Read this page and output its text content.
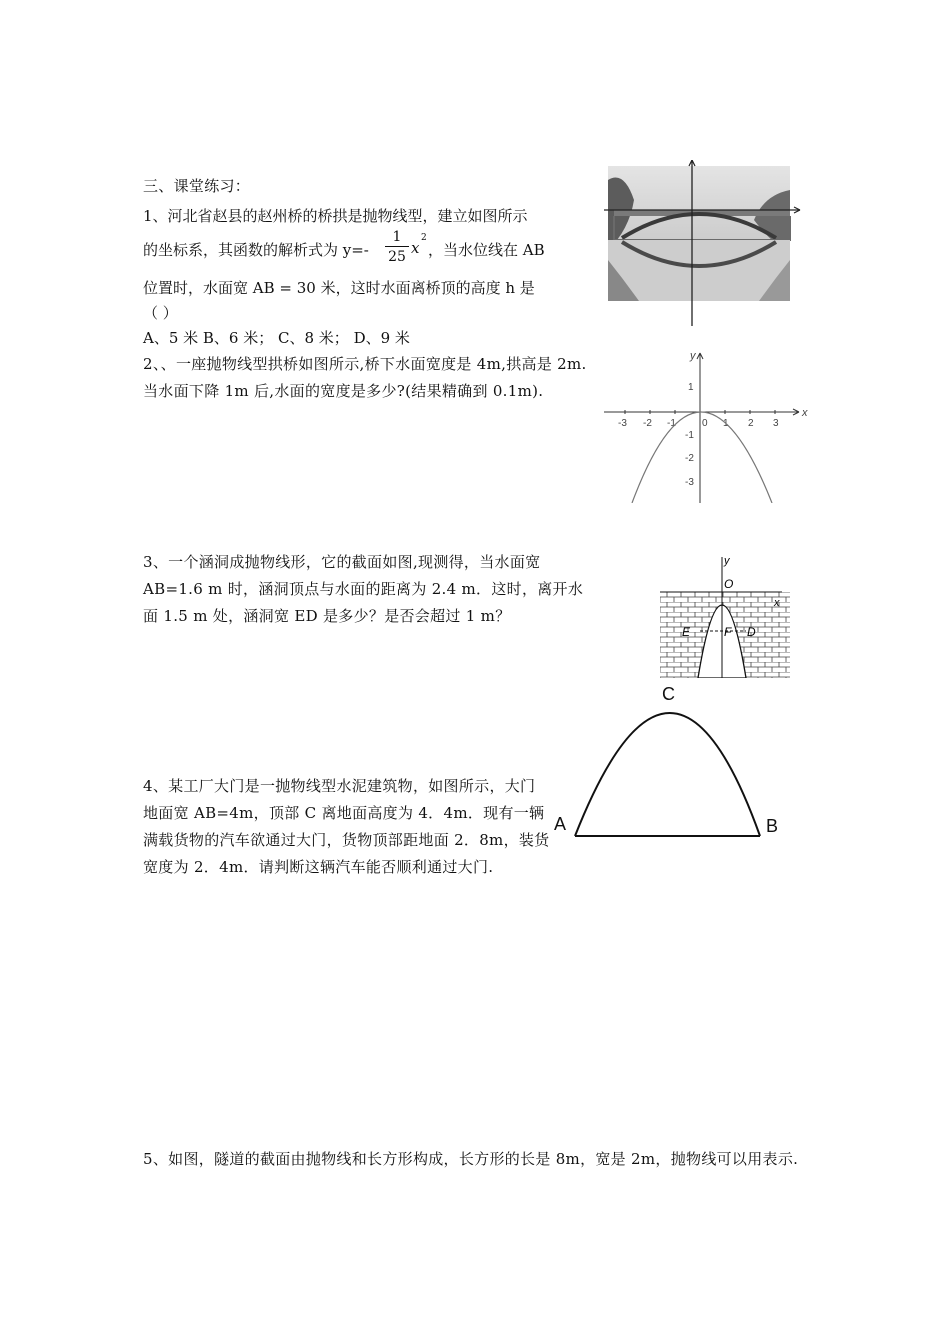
三、课堂练习：
1、河北省赵县的赵州桥的桥拱是抛物线型，建立如图所示
的坐标系，其函数的解析式为 $y=- \frac{1}{25}$ x
2
，当水位线在 AB
位置时，水面宽 AB = 30 米，这时水面离桥顶的高度 h 是
（ ）
A、5 米 B、6 米； C、8 米； D、9 米
2、、一座抛物线型拱桥如图所示,桥下水面宽度是 4m,拱高是 2m.当水面下降 1m 后,水面的宽度是多少?(结果精确到 0.1m).
x
y
-3 -2 -1	0 1 2 3
1
-1
-2
-3
3、一个涵洞成抛物线形，它的截面如图,现测得，当水面宽 AB=1.6 m 时，涵洞顶点与水面的距离为 2.4 m．这时，离开水面 1.5 m 处，涵洞宽 ED 是多少？是否会超过 1 m？
y
O
x
E	F D
4、某工厂大门是一抛物线型水泥建筑物，如图所示，大门地面宽 AB=4m，顶部 C 离地面高度为 4．4m．现有一辆满载货物的汽车欲通过大门，货物顶部距地面 2．8m，装货宽度为 2．4m．请判断这辆汽车能否顺利通过大门.
C
A	B
5、如图，隧道的截面由抛物线和长方形构成，长方形的长是 8m，宽是 2m，抛物线可以用表示.
